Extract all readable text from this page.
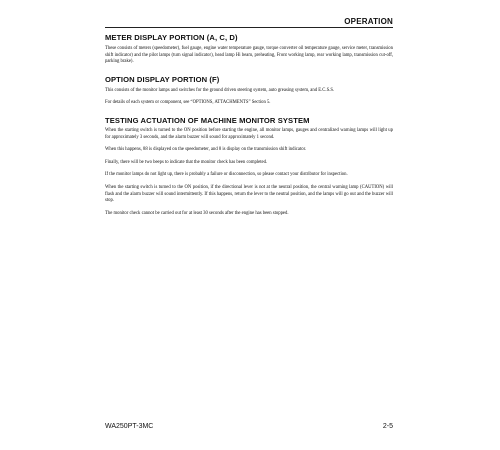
OPERATION
METER DISPLAY PORTION (A, C, D)

These consists of meters (speedometer), fuel gauge, engine water temperature gauge, torque converter oil temperature gauge, service meter, transmission shift indicator) and the pilot lamps (turn signal indicator), head lamp Hi beam, preheating, Front working lamp, rear working lamp, transmission cut-off, parking brake).

OPTION DISPLAY PORTION (F)

This consists of the monitor lamps and switches for the ground driven steering system, auto greasing system, and E.C.S.S.

For details of each system or component, see “OPTIONS, ATTACHMENTS” Section 5.

TESTING ACTUATION OF MACHINE MONITOR SYSTEM

When the starting switch is turned to the ON position before starting the engine, all monitor lamps, gauges and centralized warning lamps will light up for approximately 3 seconds, and the alarm buzzer will sound for approximately 1 second.

When this happens, 88 is displayed on the speedometer, and 8 is display on the transmission shift indicator.

Finally, there will be two beeps to indicate that the monitor check has been completed.

If the monitor lamps do not light up, there is probably a failure or disconnection, so please contact your distributor for inspection.

When the starting switch is turned to the ON position, if the directional lever is not at the neutral position, the central warning lamp (CAUTION) will flash and the alarm buzzer will sound intermittently. If this happens, return the lever to the neutral position, and the lamps will go out and the buzzer will stop.

The monitor check cannot be carried out for at least 30 seconds after the engine has been stopped.

WA250PT-3MC	2-5
